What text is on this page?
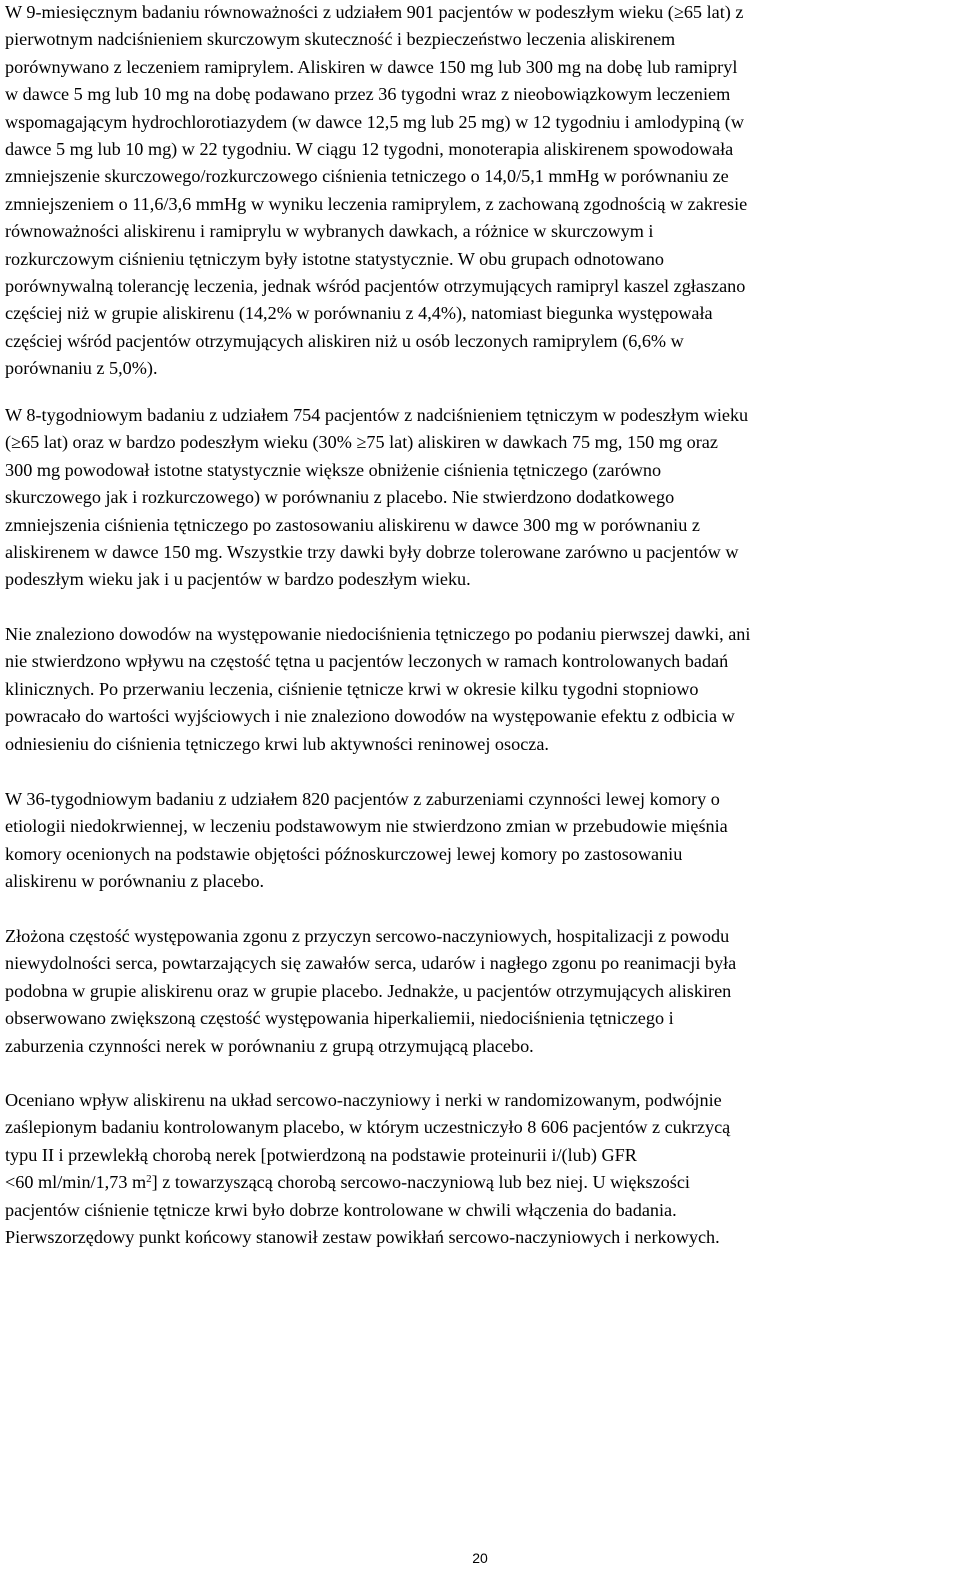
W 9-miesięcznym badaniu równoważności z udziałem 901 pacjentów w podeszłym wieku (≥65 lat) z
pierwotnym nadciśnieniem skurczowym skuteczność i bezpieczeństwo leczenia aliskirenem
porównywano z leczeniem ramiprylem. Aliskiren w dawce 150 mg lub 300 mg na dobę lub ramipryl
w dawce 5 mg lub 10 mg na dobę podawano przez 36 tygodni wraz z nieobowiązkowym leczeniem
wspomagającym hydrochlorotiazydem (w dawce 12,5 mg lub 25 mg) w 12 tygodniu i amlodypiną (w
dawce 5 mg lub 10 mg) w 22 tygodniu. W ciągu 12 tygodni, monoterapia aliskirenem spowodowała
zmniejszenie skurczowego/rozkurczowego ciśnienia tetniczego o 14,0/5,1 mmHg w porównaniu ze
zmniejszeniem o 11,6/3,6 mmHg w wyniku leczenia ramiprylem, z zachowaną zgodnością w zakresie
równoważności aliskirenu i ramiprylu w wybranych dawkach, a różnice w skurczowym i
rozkurczowym ciśnieniu tętniczym były istotne statystycznie. W obu grupach odnotowano
porównywalną tolerancję leczenia, jednak wśród pacjentów otrzymujących ramipryl kaszel zgłaszano
częściej niż w grupie aliskirenu (14,2% w porównaniu z 4,4%), natomiast biegunka występowała
częściej wśród pacjentów otrzymujących aliskiren niż u osób leczonych ramiprylem (6,6% w
porównaniu z 5,0%).

W 8-tygodniowym badaniu z udziałem 754 pacjentów z nadciśnieniem tętniczym w podeszłym wieku
(≥65 lat) oraz w bardzo podeszłym wieku (30% ≥75 lat) aliskiren w dawkach 75 mg, 150 mg oraz
300 mg powodował istotne statystycznie większe obniżenie ciśnienia tętniczego (zarówno
skurczowego jak i rozkurczowego) w porównaniu z placebo. Nie stwierdzono dodatkowego
zmniejszenia ciśnienia tętniczego po zastosowaniu aliskirenu w dawce 300 mg w porównaniu z
aliskirenem w dawce 150 mg. Wszystkie trzy dawki były dobrze tolerowane zarówno u pacjentów w
podeszłym wieku jak i u pacjentów w bardzo podeszłym wieku.

Nie znaleziono dowodów na występowanie niedociśnienia tętniczego po podaniu pierwszej dawki, ani
nie stwierdzono wpływu na częstość tętna u pacjentów leczonych w ramach kontrolowanych badań
klinicznych. Po przerwaniu leczenia, ciśnienie tętnicze krwi w okresie kilku tygodni stopniowo
powracało do wartości wyjściowych i nie znaleziono dowodów na występowanie efektu z odbicia w
odniesieniu do ciśnienia tętniczego krwi lub aktywności reninowej osocza.

W 36-tygodniowym badaniu z udziałem 820 pacjentów z zaburzeniami czynności lewej komory o
etiologii niedokrwiennej, w leczeniu podstawowym nie stwierdzono zmian w przebudowie mięśnia
komory ocenionych na podstawie objętości późnoskurczowej lewej komory po zastosowaniu
aliskirenu w porównaniu z placebo.

Złożona częstość występowania zgonu z przyczyn sercowo-naczyniowych, hospitalizacji z powodu
niewydolności serca, powtarzających się zawałów serca, udarów i nagłego zgonu po reanimacji była
podobna w grupie aliskirenu oraz w grupie placebo. Jednakże, u pacjentów otrzymujących aliskiren
obserwowano zwiększoną częstość występowania hiperkaliemii, niedociśnienia tętniczego i
zaburzenia czynności nerek w porównaniu z grupą otrzymującą placebo.

Oceniano wpływ aliskirenu na układ sercowo-naczyniowy i nerki w randomizowanym, podwójnie
zaślepionym badaniu kontrolowanym placebo, w którym uczestniczyło 8 606 pacjentów z cukrzycą
typu II i przewlekłą chorobą nerek [potwierdzoną na podstawie proteinurii i/(lub) GFR
<60 ml/min/1,73 $m^2$] z towarzyszącą chorobą sercowo-naczyniową lub bez niej. U większości
pacjentów ciśnienie tętnicze krwi było dobrze kontrolowane w chwili włączenia do badania.
Pierwszorzędowy punkt końcowy stanowił zestaw powikłań sercowo-naczyniowych i nerkowych.

20
